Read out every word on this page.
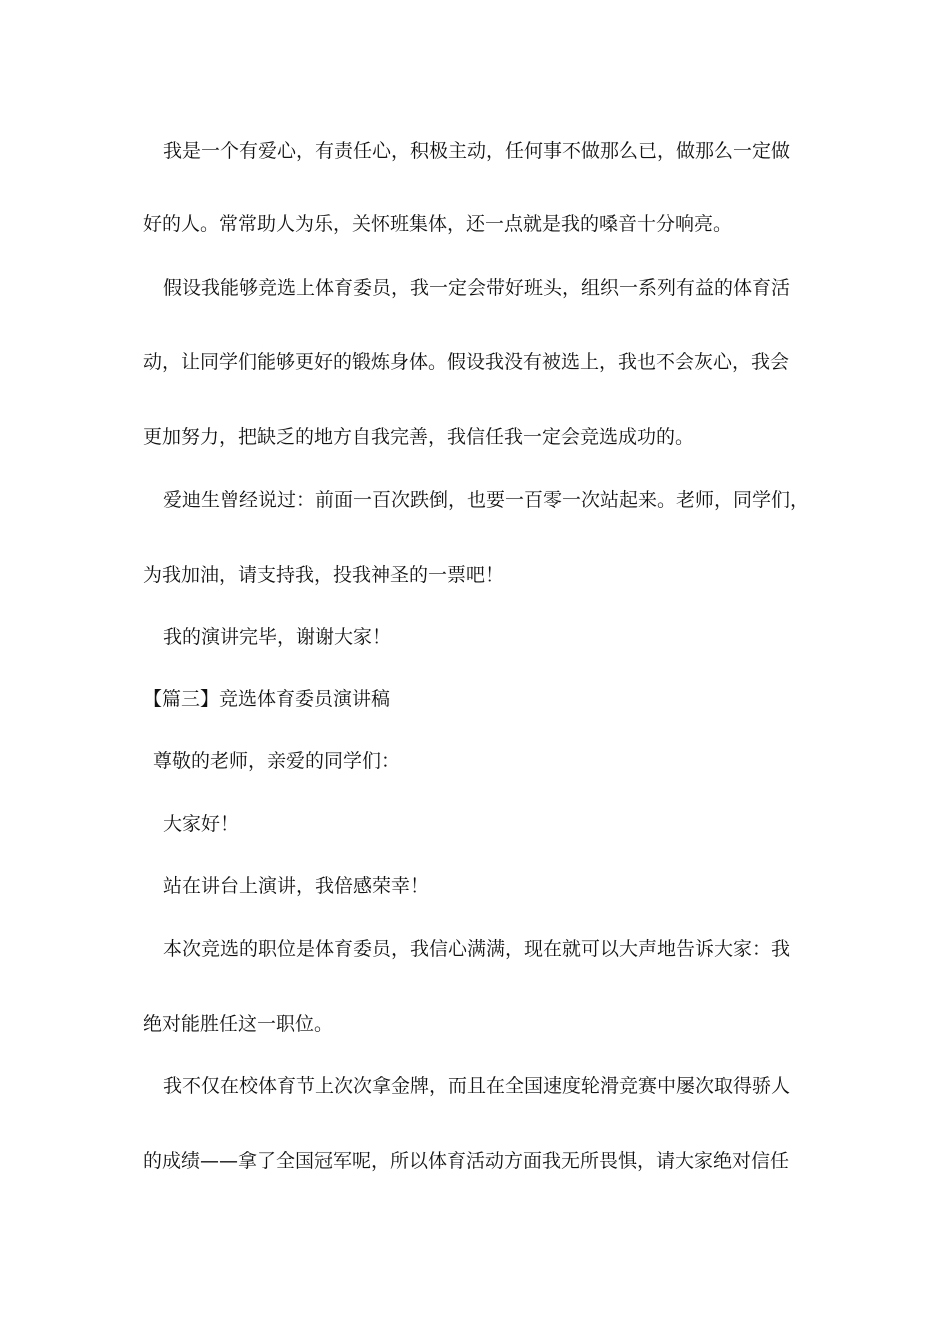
我是一个有爱心，有责任心，积极主动，任何事不做那么已，做那么一定做
好的人。常常助人为乐，关怀班集体，还一点就是我的嗓音十分响亮。
假设我能够竞选上体育委员，我一定会带好班头，组织一系列有益的体育活
动，让同学们能够更好的锻炼身体。假设我没有被选上，我也不会灰心，我会
更加努力，把缺乏的地方自我完善，我信任我一定会竞选成功的。
爱迪生曾经说过：前面一百次跌倒，也要一百零一次站起来。老师，同学们，
为我加油，请支持我，投我神圣的一票吧！
我的演讲完毕，谢谢大家！
【篇三】竞选体育委员演讲稿
尊敬的老师，亲爱的同学们：
大家好！
站在讲台上演讲，我倍感荣幸！
本次竞选的职位是体育委员，我信心满满，现在就可以大声地告诉大家：我
绝对能胜任这一职位。
我不仅在校体育节上次次拿金牌，而且在全国速度轮滑竞赛中屡次取得骄人
的成绩——拿了全国冠军呢，所以体育活动方面我无所畏惧，请大家绝对信任
